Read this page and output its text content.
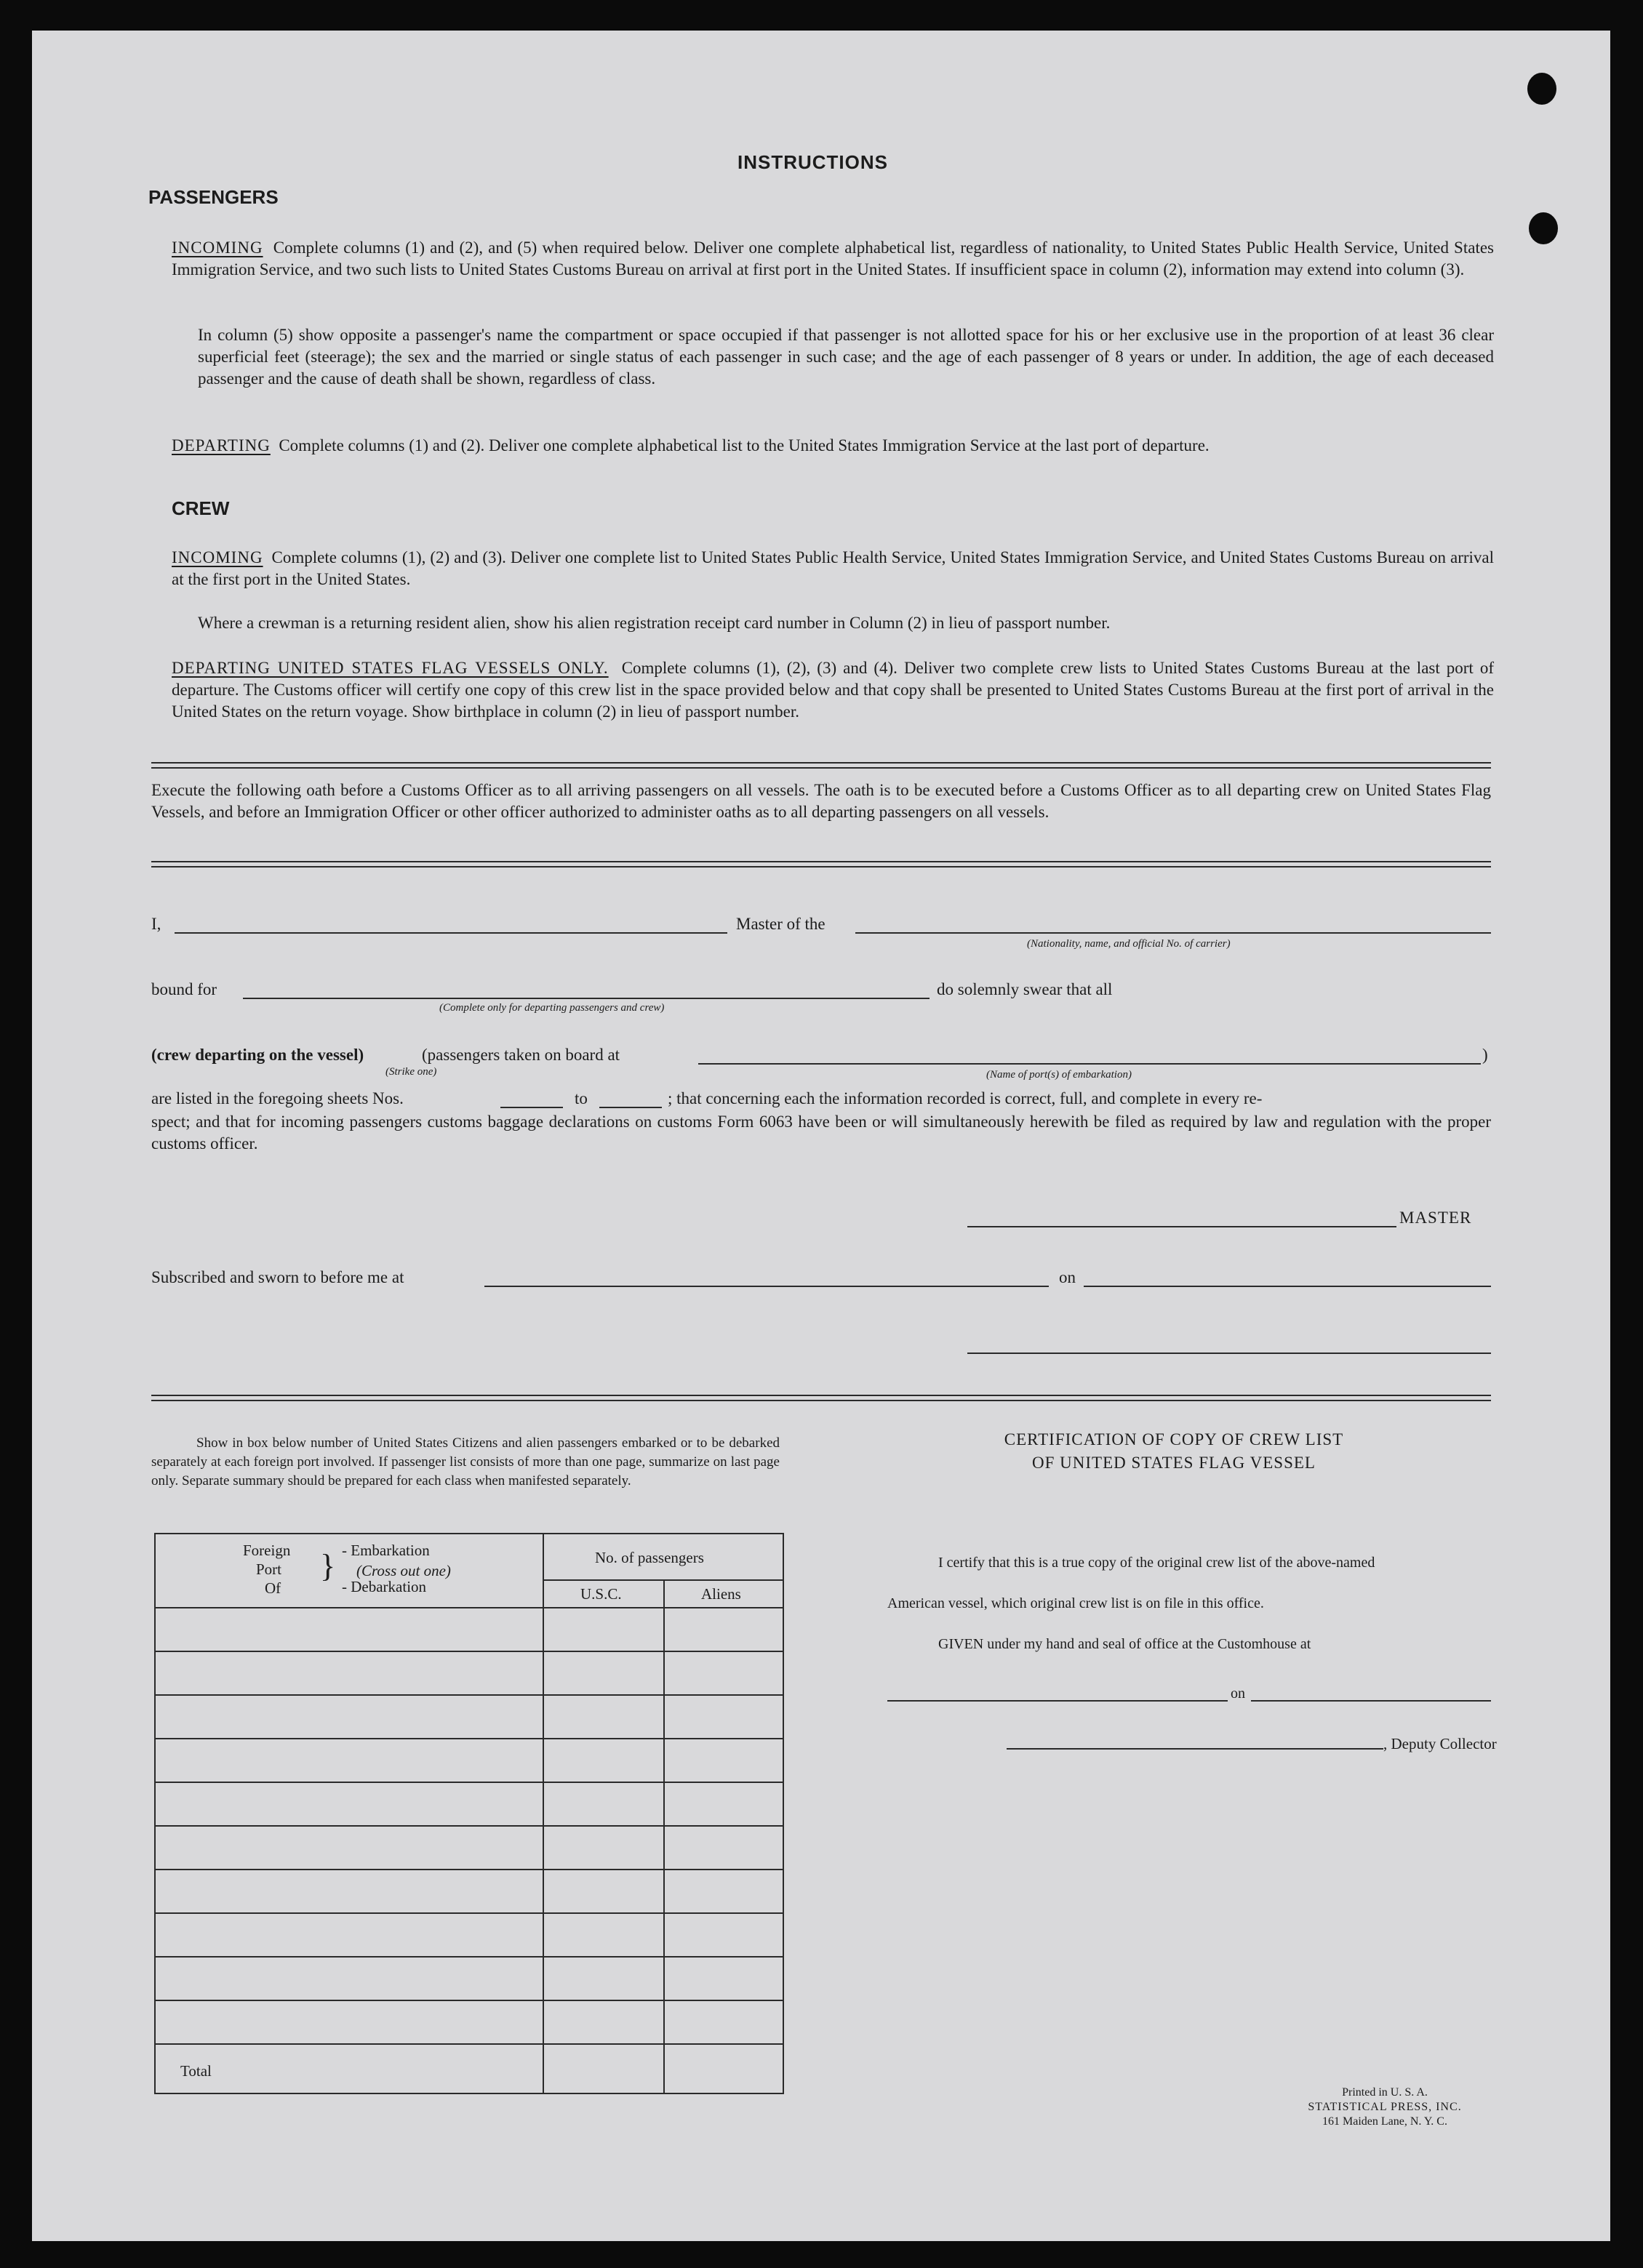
INSTRUCTIONS
PASSENGERS
INCOMING Complete columns (1) and (2), and (5) when required below. Deliver one complete alphabetical list, regardless of nationality, to United States Public Health Service, United States Immigration Service, and two such lists to United States Customs Bureau on arrival at first port in the United States. If insufficient space in column (2), information may extend into column (3).
In column (5) show opposite a passenger's name the compartment or space occupied if that passenger is not allotted space for his or her exclusive use in the proportion of at least 36 clear superficial feet (steerage); the sex and the married or single status of each passenger in such case; and the age of each passenger of 8 years or under. In addition, the age of each deceased passenger and the cause of death shall be shown, regardless of class.
DEPARTING Complete columns (1) and (2). Deliver one complete alphabetical list to the United States Immigration Service at the last port of departure.
CREW
INCOMING Complete columns (1), (2) and (3). Deliver one complete list to United States Public Health Service, United States Immigration Service, and United States Customs Bureau on arrival at the first port in the United States.
Where a crewman is a returning resident alien, show his alien registration receipt card number in Column (2) in lieu of passport number.
DEPARTING UNITED STATES FLAG VESSELS ONLY. Complete columns (1), (2), (3) and (4). Deliver two complete crew lists to United States Customs Bureau at the last port of departure. The Customs officer will certify one copy of this crew list in the space provided below and that copy shall be presented to United States Customs Bureau at the first port of arrival in the United States on the return voyage. Show birthplace in column (2) in lieu of passport number.
Execute the following oath before a Customs Officer as to all arriving passengers on all vessels. The oath is to be executed before a Customs Officer as to all departing crew on United States Flag Vessels, and before an Immigration Officer or other officer authorized to administer oaths as to all departing passengers on all vessels.
I,	Master of the
(Nationality, name, and official No. of carrier)
bound for	do solemnly swear that all
(Complete only for departing passengers and crew)
(crew departing on the vessel)
(Strike one)
(passengers taken on board at	)
(Name of port(s) of embarkation)
are listed in the foregoing sheets Nos.	to	; that concerning each the information recorded is correct, full, and complete in every re-
spect; and that for incoming passengers customs baggage declarations on customs Form 6063 have been or will simultaneously herewith be filed as required by law and regulation with the proper customs officer.
MASTER
Subscribed and sworn to before me at	on
Show in box below number of United States Citizens and alien passengers embarked or to be debarked separately at each foreign port involved. If passenger list consists of more than one page, summarize on last page only. Separate summary should be prepared for each class when manifested separately.
Foreign
Port
Of
} - Embarkation
(Cross out one)
- Debarkation
No. of passengers
U.S.C.	Aliens
Total
CERTIFICATION OF COPY OF CREW LIST
OF UNITED STATES FLAG VESSEL
I certify that this is a true copy of the original crew list of the above-named
American vessel, which original crew list is on file in this office.
GIVEN under my hand and seal of office at the Customhouse at
on
, Deputy Collector
Printed in U. S. A.
STATISTICAL PRESS, INC.
161 Maiden Lane, N. Y. C.
